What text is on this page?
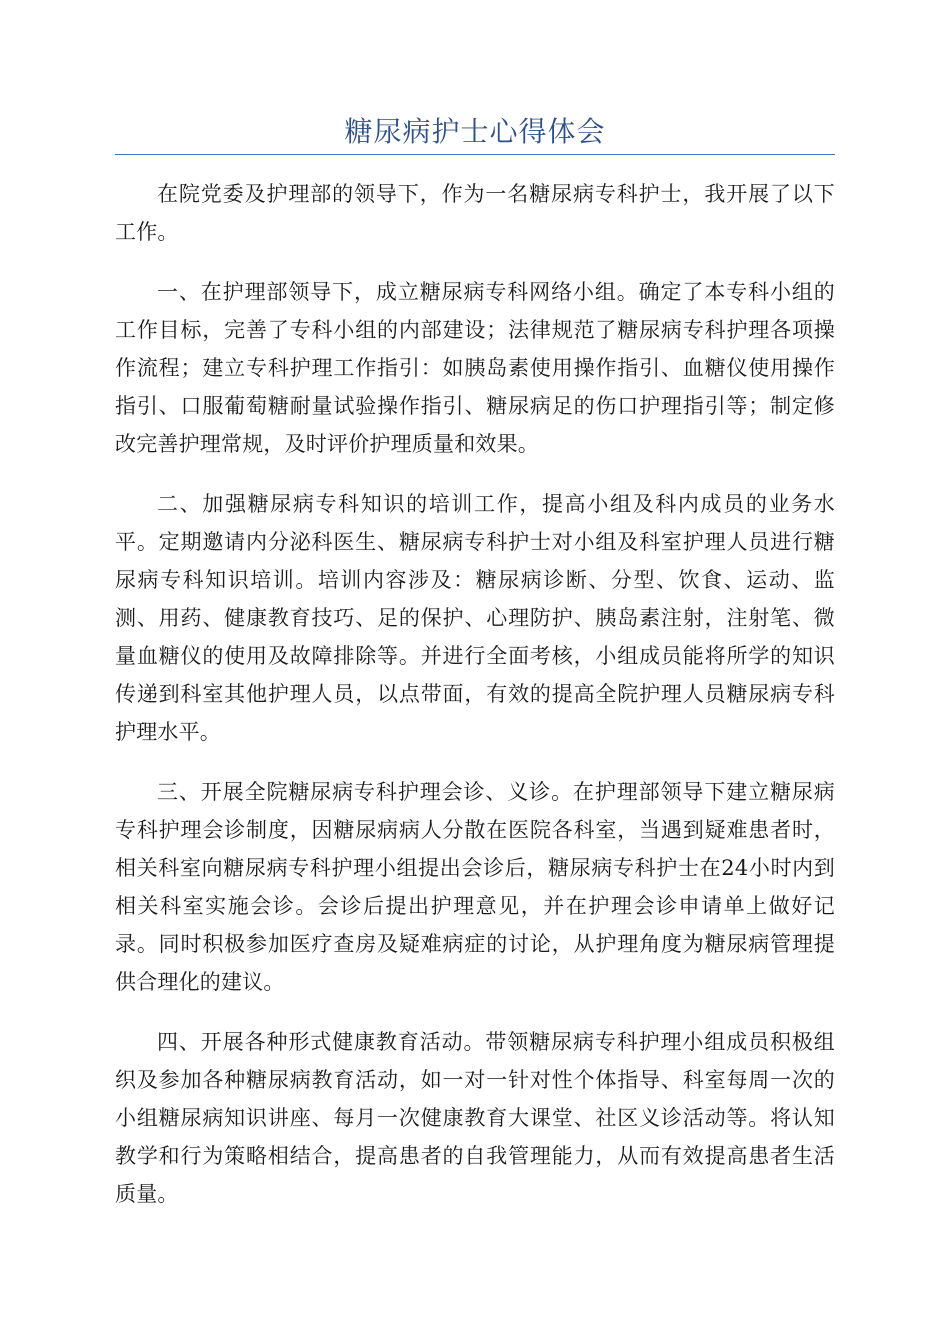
糖尿病护士心得体会

在院党委及护理部的领导下，作为一名糖尿病专科护士，我开展了以下工作。

一、在护理部领导下，成立糖尿病专科网络小组。确定了本专科小组的工作目标，完善了专科小组的内部建设；法律规范了糖尿病专科护理各项操作流程；建立专科护理工作指引：如胰岛素使用操作指引、血糖仪使用操作指引、口服葡萄糖耐量试验操作指引、糖尿病足的伤口护理指引等；制定修改完善护理常规，及时评价护理质量和效果。

二、加强糖尿病专科知识的培训工作，提高小组及科内成员的业务水平。定期邀请内分泌科医生、糖尿病专科护士对小组及科室护理人员进行糖尿病专科知识培训。培训内容涉及：糖尿病诊断、分型、饮食、运动、监测、用药、健康教育技巧、足的保护、心理防护、胰岛素注射，注射笔、微量血糖仪的使用及故障排除等。并进行全面考核，小组成员能将所学的知识传递到科室其他护理人员，以点带面，有效的提高全院护理人员糖尿病专科护理水平。

三、开展全院糖尿病专科护理会诊、义诊。在护理部领导下建立糖尿病专科护理会诊制度，因糖尿病病人分散在医院各科室，当遇到疑难患者时，相关科室向糖尿病专科护理小组提出会诊后，糖尿病专科护士在24小时内到相关科室实施会诊。会诊后提出护理意见，并在护理会诊申请单上做好记录。同时积极参加医疗查房及疑难病症的讨论，从护理角度为糖尿病管理提供合理化的建议。

四、开展各种形式健康教育活动。带领糖尿病专科护理小组成员积极组织及参加各种糖尿病教育活动，如一对一针对性个体指导、科室每周一次的小组糖尿病知识讲座、每月一次健康教育大课堂、社区义诊活动等。将认知教学和行为策略相结合，提高患者的自我管理能力，从而有效提高患者生活质量。
